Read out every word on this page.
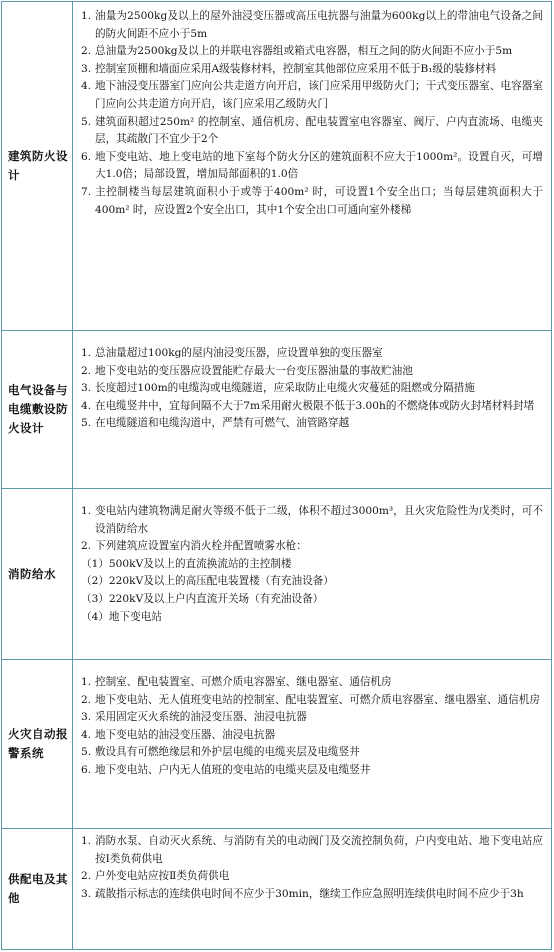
建筑防火设计
1. 油量为2500kg及以上的屋外油浸变压器或高压电抗器与油量为600kg以上的带油电气设备之间的防火间距不应小于5m
2. 总油量为2500kg及以上的并联电容器组或箱式电容器，相互之间的防火间距不应小于5m
3. 控制室顶棚和墙面应采用A级装修材料，控制室其他部位应采用不低于B₁级的装修材料
4. 地下油浸变压器室门应向公共走道方向开启，该门应采用甲级防火门；干式变压器室、电容器室门应向公共走道方向开启，该门应采用乙级防火门
5. 建筑面积超过250m² 的控制室、通信机房、配电装置室电容器室、阀厅、户内直流场、电缆夹层，其疏散门不宜少于2个
6. 地下变电站、地上变电站的地下室每个防火分区的建筑面积不应大于1000m²。设置自灭，可增大1.0倍；局部设置，增加局部面积的1.0倍
7. 主控制楼当每层建筑面积小于或等于400m² 时，可设置1个安全出口；当每层建筑面积大于400m² 时，应设置2个安全出口，其中1个安全出口可通向室外楼梯
电气设备与电缆敷设防火设计
1. 总油量超过100kg的屋内油浸变压器，应设置单独的变压器室
2. 地下变电站的变压器应设置能贮存最大一台变压器油量的事故贮油池
3. 长度超过100m的电缆沟或电缆隧道，应采取防止电缆火灾蔓延的阻燃或分隔措施
4. 在电缆竖井中，宜每间隔不大于7m采用耐火极限不低于3.00h的不燃烧体或防火封堵材料封堵
5. 在电缆隧道和电缆沟道中，严禁有可燃气、油管路穿越
消防给水
1. 变电站内建筑物满足耐火等级不低于二级，体积不超过3000m³，且火灾危险性为戊类时，可不设消防给水
2. 下列建筑应设置室内消火栓并配置喷雾水枪：
（1）500kV及以上的直流换流站的主控制楼
（2）220kV及以上的高压配电装置楼（有充油设备）
（3）220kV及以上户内直流开关场（有充油设备）
（4）地下变电站
火灾自动报警系统
1. 控制室、配电装置室、可燃介质电容器室、继电器室、通信机房
2. 地下变电站、无人值班变电站的控制室、配电装置室、可燃介质电容器室、继电器室、通信机房
3. 采用固定灭火系统的油浸变压器、油浸电抗器
4. 地下变电站的油浸变压器、油浸电抗器
5. 敷设具有可燃绝缘层和外护层电缆的电缆夹层及电缆竖井
6. 地下变电站、户内无人值班的变电站的电缆夹层及电缆竖井
供配电及其他
1. 消防水泵、自动灭火系统、与消防有关的电动阀门及交流控制负荷，户内变电站、地下变电站应按Ⅰ类负荷供电
2. 户外变电站应按Ⅱ类负荷供电
3. 疏散指示标志的连续供电时间不应少于30min，继续工作应急照明连续供电时间不应少于3h
